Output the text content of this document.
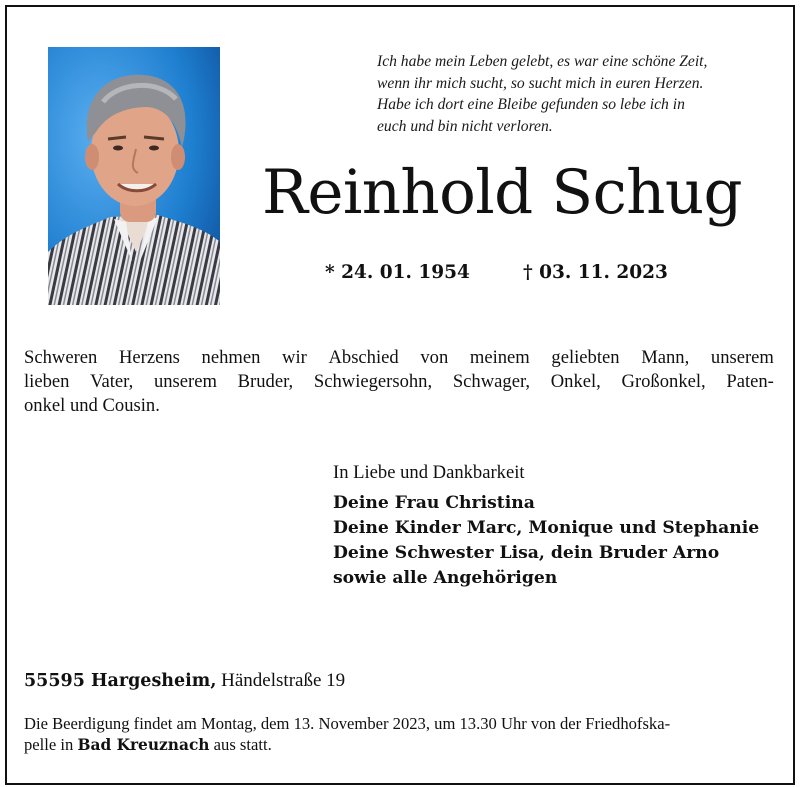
Ich habe mein Leben gelebt, es war eine schöne Zeit,
wenn ihr mich sucht, so sucht mich in euren Herzen.
Habe ich dort eine Bleibe gefunden so lebe ich in
euch und bin nicht verloren.
Reinhold Schug
* 24. 01. 1954	† 03. 11. 2023
Schweren Herzens nehmen wir Abschied von meinem geliebten Mann, unserem
lieben Vater, unserem Bruder, Schwiegersohn, Schwager, Onkel, Großonkel, Paten-
onkel und Cousin.
In Liebe und Dankbarkeit
Deine Frau Christina
Deine Kinder Marc, Monique und Stephanie
Deine Schwester Lisa, dein Bruder Arno
sowie alle Angehörigen
55595 Hargesheim, Händelstraße 19
Die Beerdigung findet am Montag, dem 13. November 2023, um 13.30 Uhr von der Friedhofska-
pelle in Bad Kreuznach aus statt.
